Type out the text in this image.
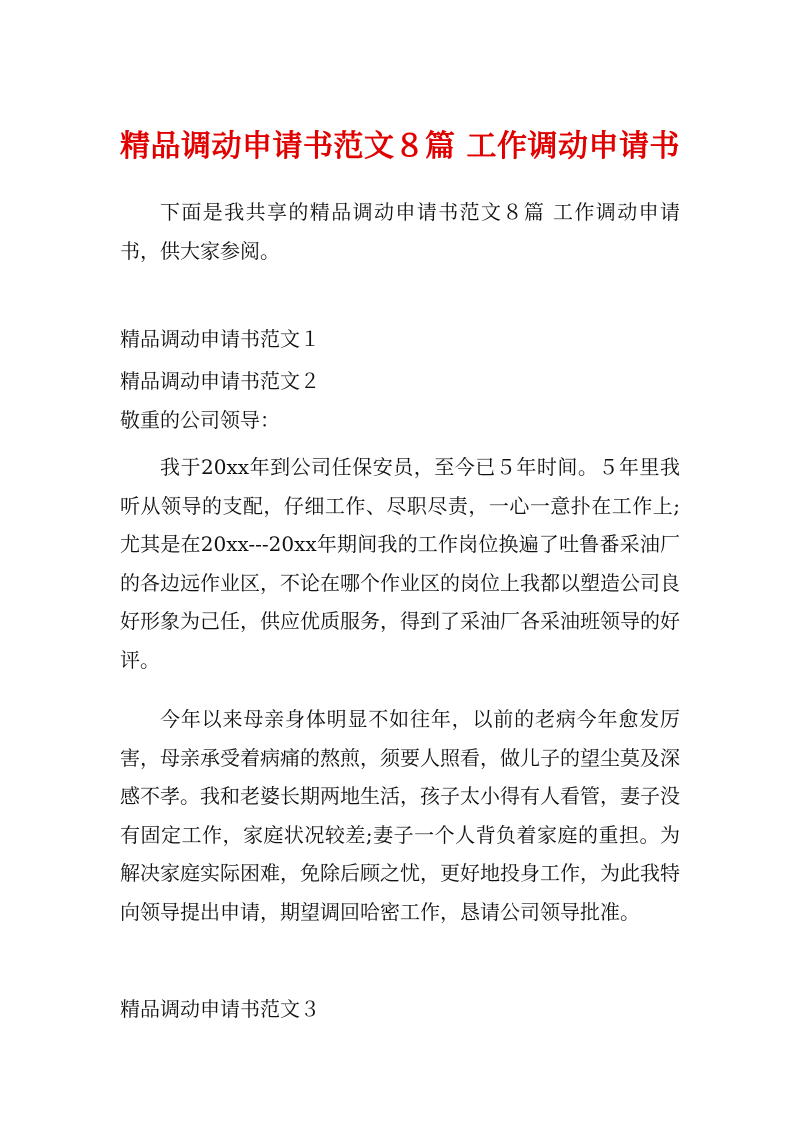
精品调动申请书范文８篇 工作调动申请书
下面是我共享的精品调动申请书范文８篇 工作调动申请书，供大家参阅。
精品调动申请书范文１
精品调动申请书范文２
敬重的公司领导：
我于20xx年到公司任保安员，至今已５年时间。５年里我听从领导的支配，仔细工作、尽职尽责，一心一意扑在工作上;尤其是在20xx---20xx年期间我的工作岗位换遍了吐鲁番采油厂的各边远作业区，不论在哪个作业区的岗位上我都以塑造公司良好形象为己任，供应优质服务，得到了采油厂各采油班领导的好评。
今年以来母亲身体明显不如往年，以前的老病今年愈发厉害，母亲承受着病痛的熬煎，须要人照看，做儿子的望尘莫及深感不孝。我和老婆长期两地生活，孩子太小得有人看管，妻子没有固定工作，家庭状况较差;妻子一个人背负着家庭的重担。为解决家庭实际困难，免除后顾之忧，更好地投身工作，为此我特向领导提出申请，期望调回哈密工作，恳请公司领导批准。
精品调动申请书范文３
